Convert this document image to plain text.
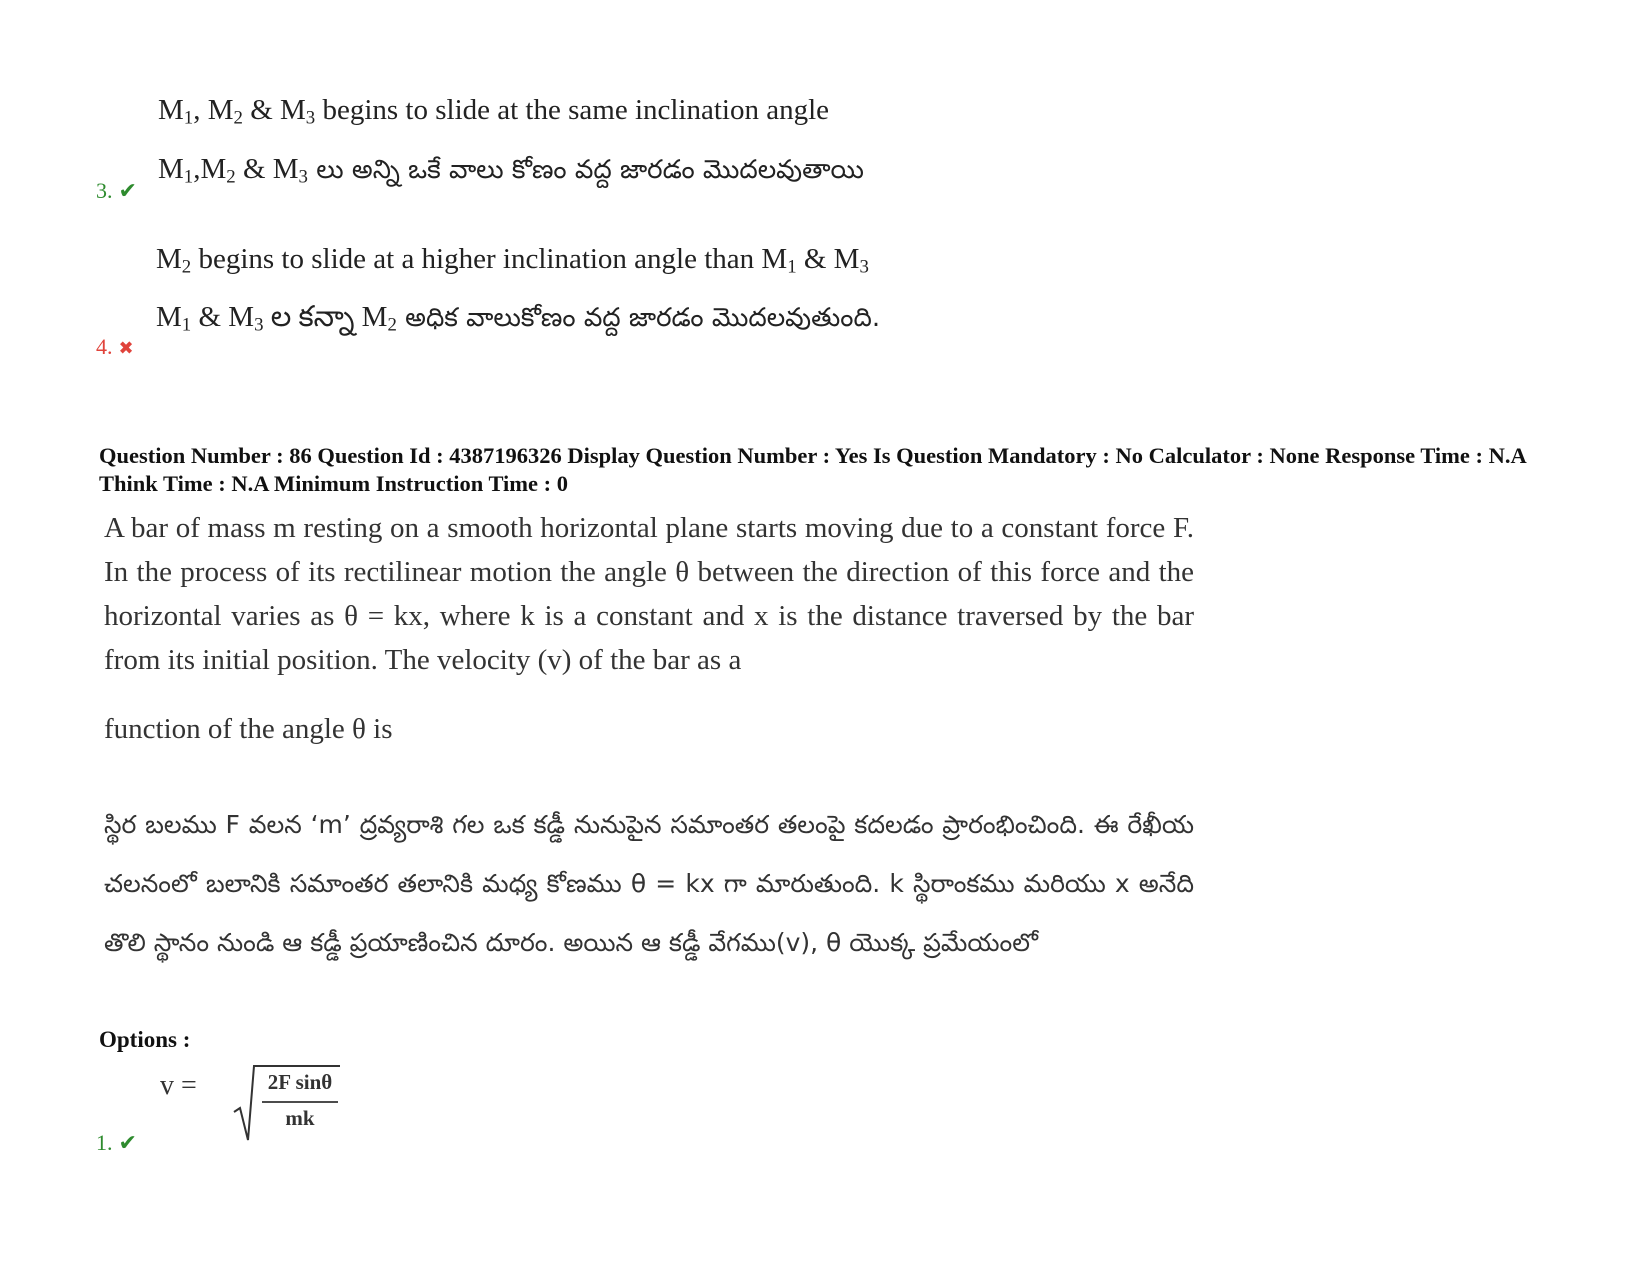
$M_1$, $M_2$ & $M_3$ begins to slide at the same inclination angle
$M_1,M_2$ & $M_3$ లు అన్ని ఒకే వాలు కోణం వద్ద జారడం మొదలవుతాయి
3. ✔
$M_2$ begins to slide at a higher inclination angle than $M_1$ & $M_3$
$M_1$ & $M_3$ ల కన్నా $M_2$ అధిక వాలుకోణం వద్ద జారడం మొదలవుతుంది.
4. ✖
Question Number : 86 Question Id : 4387196326 Display Question Number : Yes Is Question Mandatory : No Calculator : None Response Time : N.A Think Time : N.A Minimum Instruction Time : 0
A bar of mass m resting on a smooth horizontal plane starts moving due to a constant force F. In the process of its rectilinear motion the angle θ between the direction of this force and the horizontal varies as θ = kx, where k is a constant and x is the distance traversed by the bar from its initial position. The velocity (v) of the bar as a
function of the angle θ is
స్థిర బలము F వలన ‘m’ ద్రవ్యరాశి గల ఒక కడ్డీ నునుపైన సమాంతర తలంపై కదలడం ప్రారంభించింది. ఈ రేఖీయ చలనంలో బలానికి సమాంతర తలానికి మధ్య కోణము θ = kx గా మారుతుంది. k స్థిరాంకము మరియు x అనేది తొలి స్థానం నుండి ఆ కడ్డీ ప్రయాణించిన దూరం. అయిన ఆ కడ్డీ వేగము(v), θ యొక్క ప్రమేయంలో
Options :
v =	2F sinθ
mk
1. ✔
